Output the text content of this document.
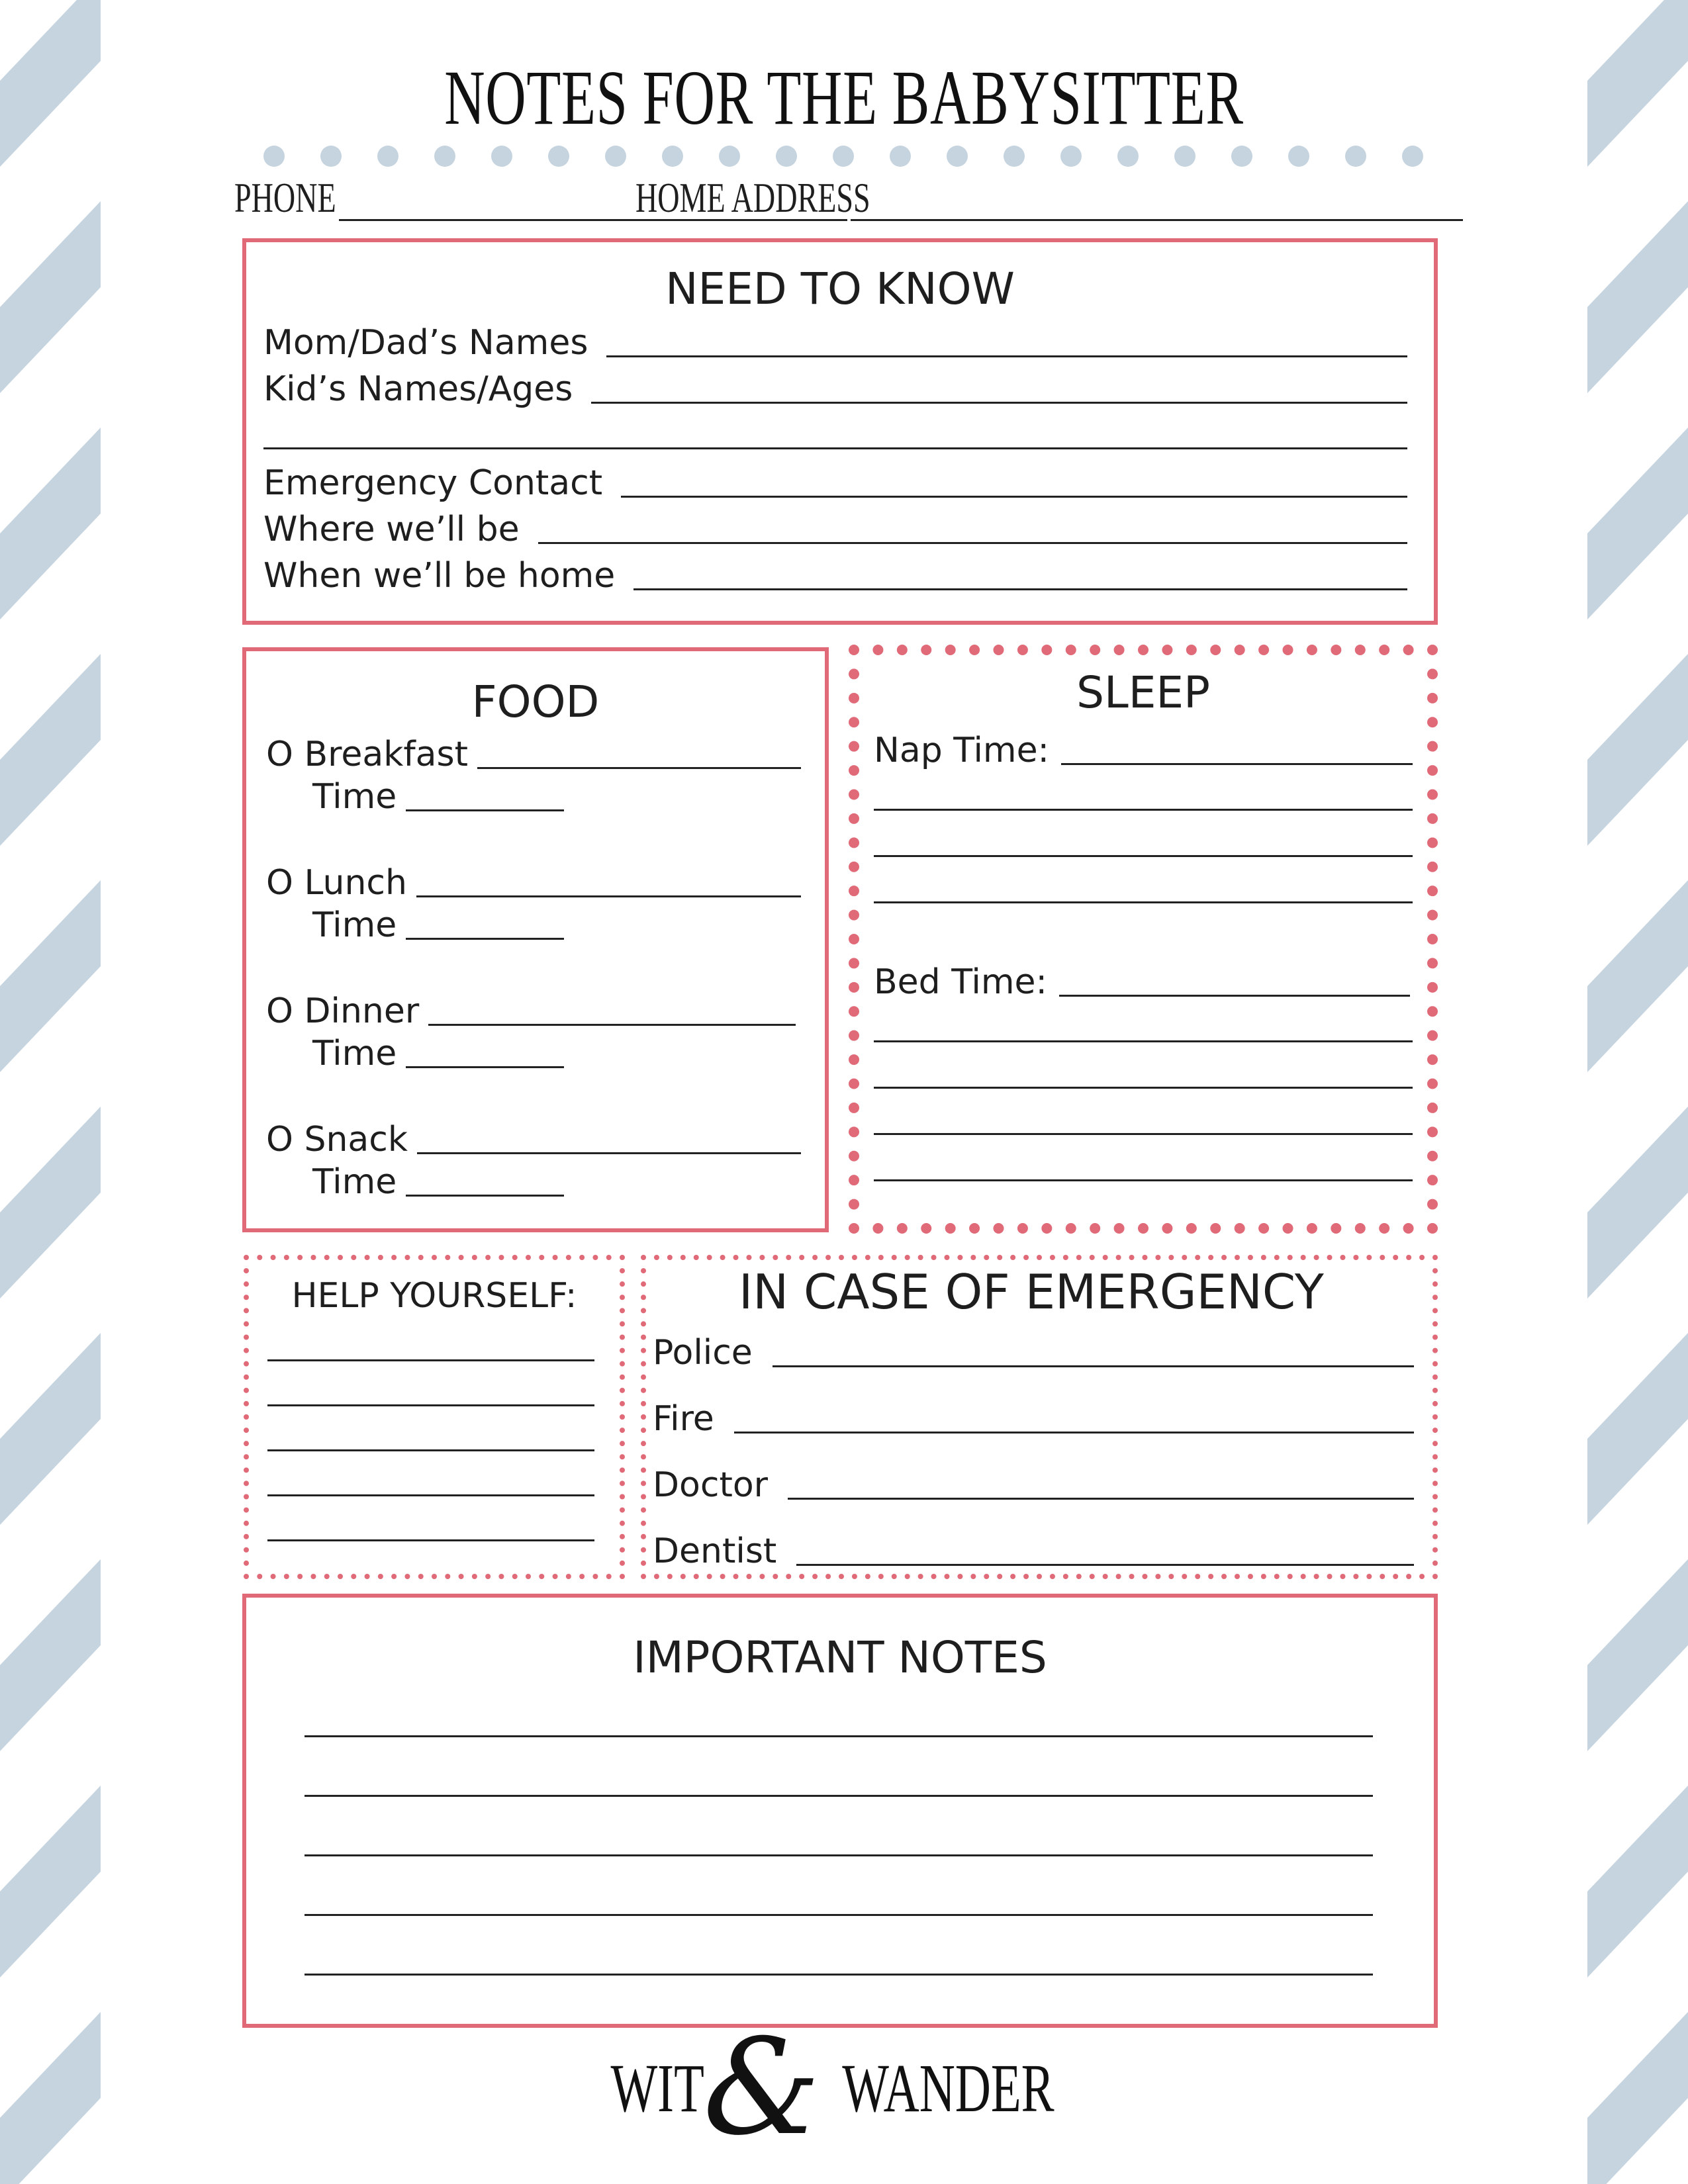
NOTES FOR THE BABYSITTER
PHONE	HOME ADDRESS
NEED TO KNOW
Mom/Dad’s Names
Kid’s Names/Ages
Emergency Contact
Where we’ll be
When we’ll be home
FOOD
O Breakfast
Time
O Lunch
Time
O Dinner
Time
O Snack
Time
SLEEP
Nap Time:
Bed Time:
HELP YOURSELF:	IN CASE OF EMERGENCY
Police
Fire
Doctor
Dentist
IMPORTANT NOTES
WIT
& WANDER
